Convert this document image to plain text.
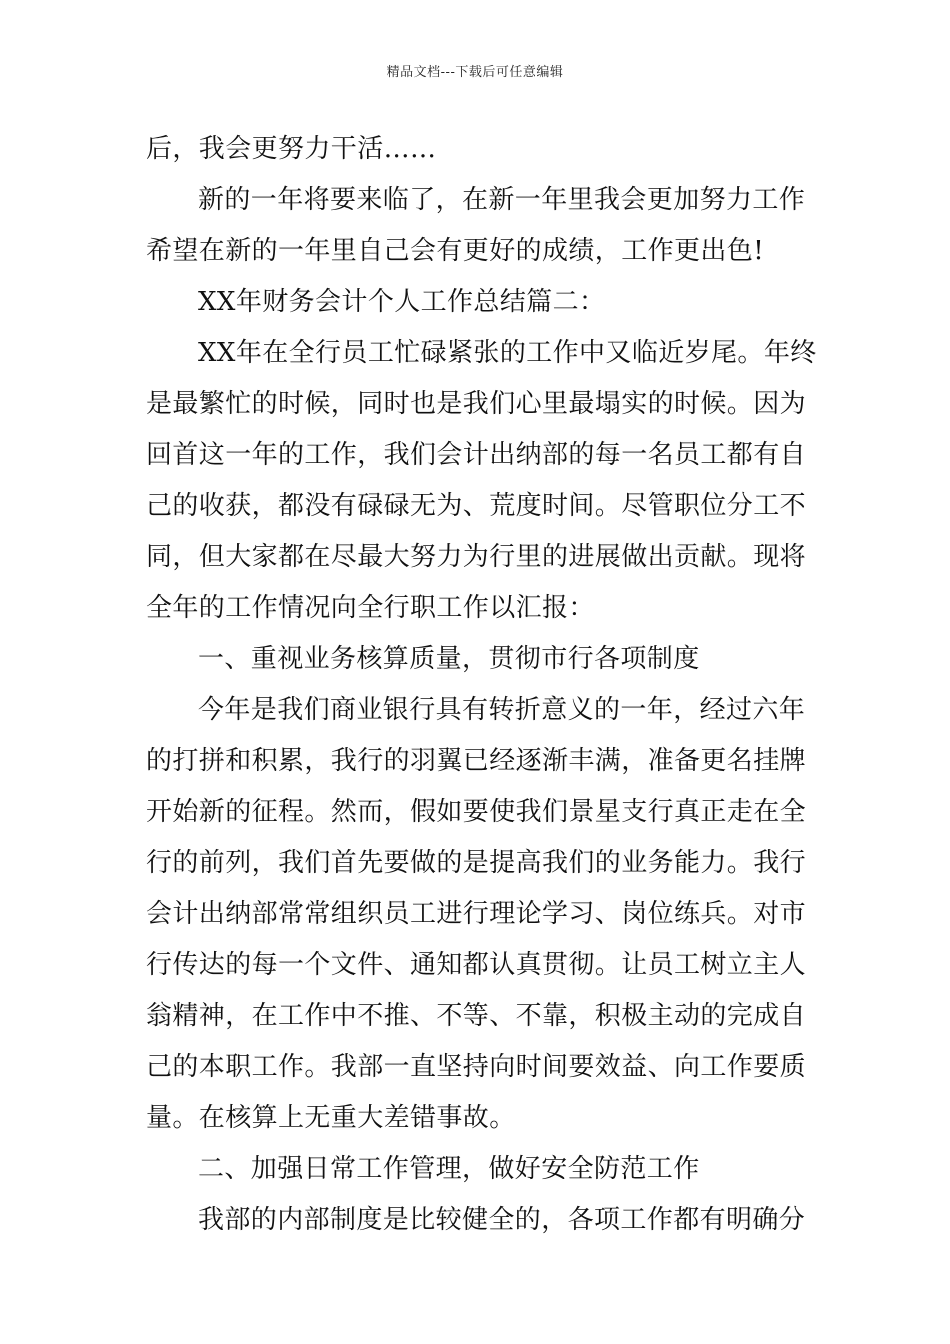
精品文档---下载后可任意编辑
后，我会更努力干活……
新的一年将要来临了，在新一年里我会更加努力工作
希望在新的一年里自己会有更好的成绩，工作更出色!
XX年财务会计个人工作总结篇二：
XX年在全行员工忙碌紧张的工作中又临近岁尾。年终
是最繁忙的时候，同时也是我们心里最塌实的时候。因为
回首这一年的工作，我们会计出纳部的每一名员工都有自
己的收获，都没有碌碌无为、荒度时间。尽管职位分工不
同，但大家都在尽最大努力为行里的进展做出贡献。现将
全年的工作情况向全行职工作以汇报：
一、重视业务核算质量，贯彻市行各项制度
今年是我们商业银行具有转折意义的一年，经过六年
的打拼和积累，我行的羽翼已经逐渐丰满，准备更名挂牌
开始新的征程。然而，假如要使我们景星支行真正走在全
行的前列，我们首先要做的是提高我们的业务能力。我行
会计出纳部常常组织员工进行理论学习、岗位练兵。对市
行传达的每一个文件、通知都认真贯彻。让员工树立主人
翁精神，在工作中不推、不等、不靠，积极主动的完成自
己的本职工作。我部一直坚持向时间要效益、向工作要质
量。在核算上无重大差错事故。
二、加强日常工作管理，做好安全防范工作
我部的内部制度是比较健全的，各项工作都有明确分
